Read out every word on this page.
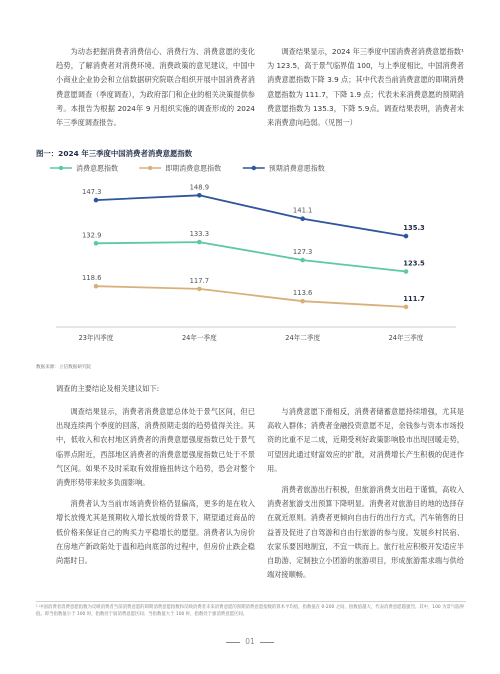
为动态把握消费者消费信心、消费行为、消费意愿的变化趋势，了解消费者对消费环境、消费政策的意见建议，中国中小商业企业协会和立信数据研究院联合组织开展中国消费者消费意愿调查（季度调查），为政府部门和企业的相关决策提供参考。本报告为根据 2024年 9 月组织实施的调查形成的 2024 年三季度调查报告。

调查结果显示，2024 年三季度中国消费者消费意愿指数¹为 123.5，高于景气临界值 100，与上季度相比，中国消费者消费意愿指数下降 3.9 点；其中代表当前消费意愿的即期消费意愿指数为 111.7，下降 1.9 点；代表未来消费意愿的预期消费意愿指数为 135.3，下降 5.9点。调查结果表明，消费者未来消费意向趋弱。（见图一）

图一：2024 年三季度中国消费者消费意愿指数
消费意愿指数	即期消费意愿指数	预期消费意愿指数
23年四季度	24年一季度	24年二季度	24年三季度
132.9	133.3
127.3
123.5
118.6	117.7
113.6
111.7
147.3
148.9
141.1
135.3
数据来源：立信数据研究院
调查的主要结论及相关建议如下:

调查结果显示，消费者消费意愿总体处于景气区间，但已出现连续两个季度的回落，消费预期走弱的趋势值得关注。其中，低收入和农村地区消费者的消费意愿强度指数已处于景气临界点附近，西部地区消费者的消费意愿强度指数已处于不景气区间。如果不及时采取有效措施扭转这个趋势，恐会对整个消费形势带来较多负面影响。

消费者认为当前市场消费价格仍显偏高，更多的是在收入增长放慢尤其是预期收入增长放缓的背景下，期望通过商品的低价格来保证自己的购买力平稳增长的愿望。消费者认为房价在房地产新政陷处于温和趋向底部的过程中，但房价止跌企稳尚需时日。

与消费意愿下滑相反，消费者储蓄意愿持续增强，尤其是高收入群体；消费者金融投资意愿不足，余钱参与资本市场投资的比重不足二成，近期受利好政策影响股市出现回暖走势，可望因此通过财富效应的扩散，对消费增长产生积极的促进作用。

消费者旅游出行积极，但旅游消费支出趋于谨慎，高收入消费者旅游支出预算下降明显。消费者对旅游目的地的选择存在就近原则。消费者更倾向自由行的出行方式，汽车销售的日益普及促进了自驾游和自由行旅游的参与度。发展乡村民宿、农家乐要因地制宜，不宜一哄而上。旅行社应积极开发适应半自助游、定制独立小团游的旅游项目，形成旅游需求端与供给端对接顺畅。

¹ 中国消费者消费意愿指数为反映消费者当前消费意愿的即期消费意愿指数和反映消费者未来消费意愿的预期消费意愿指数的算术平均值，指数值在 0-200 之间，指数值越大，代表消费意愿越强烈。其中，100 为景气临界值。即当指数值小于 100 时，指数处于弱消费意愿区间；当指数值大于 100 时，指数处于强消费意愿区间。
01
